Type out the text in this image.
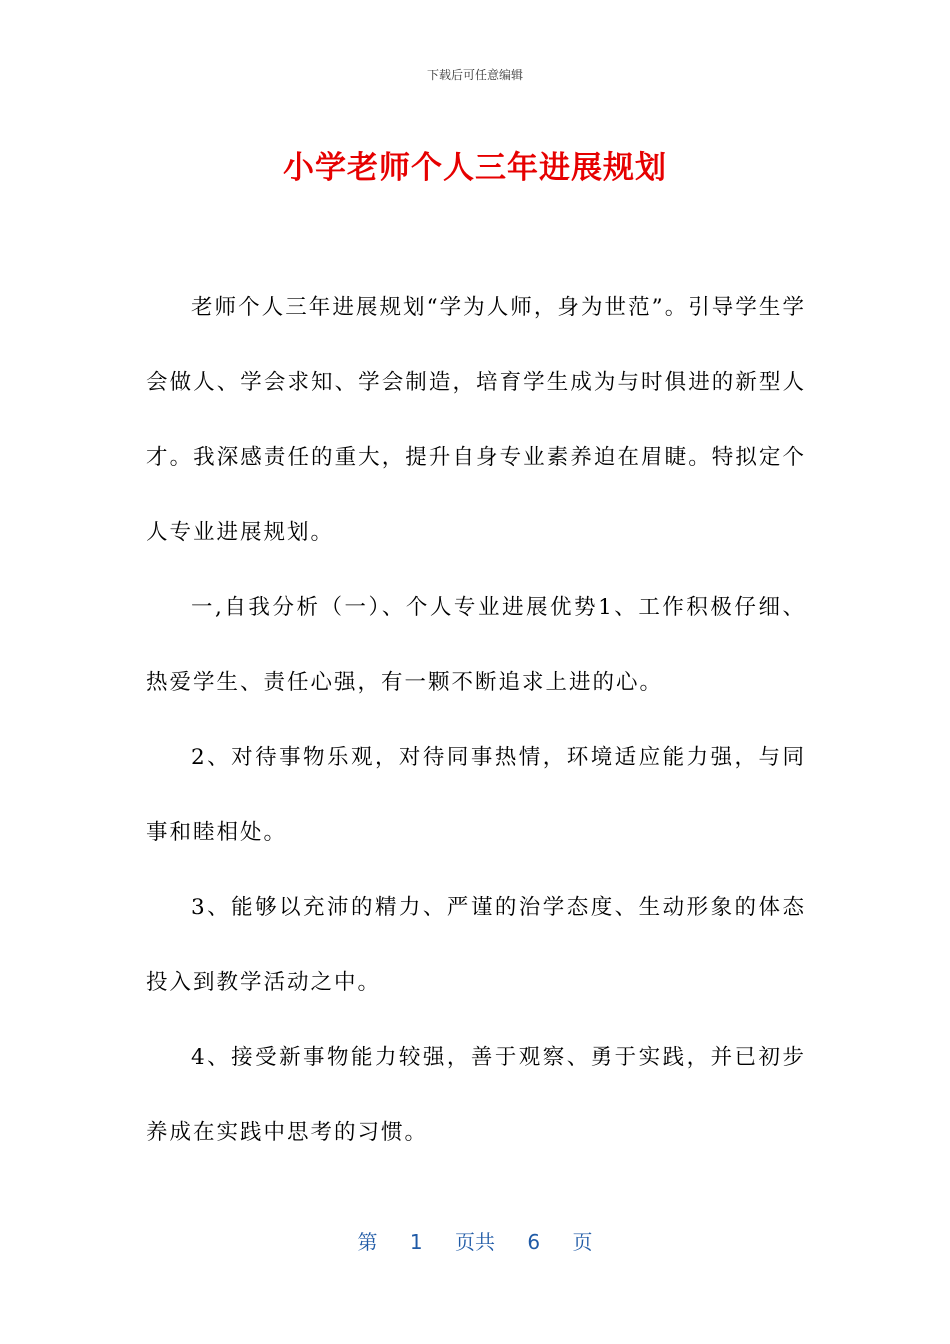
下载后可任意编辑
小学老师个人三年进展规划

老师个人三年进展规划“学为人师，身为世范”。引导学生学会做人、学会求知、学会制造，培育学生成为与时俱进的新型人才。我深感责任的重大，提升自身专业素养迫在眉睫。特拟定个人专业进展规划。

一,自我分析（一）、个人专业进展优势1、工作积极仔细、热爱学生、责任心强，有一颗不断追求上进的心。

2、对待事物乐观，对待同事热情，环境适应能力强，与同事和睦相处。

3、能够以充沛的精力、严谨的治学态度、生动形象的体态投入到教学活动之中。

4、接受新事物能力较强，善于观察、勇于实践，并已初步养成在实践中思考的习惯。

第 1 页共 6 页
